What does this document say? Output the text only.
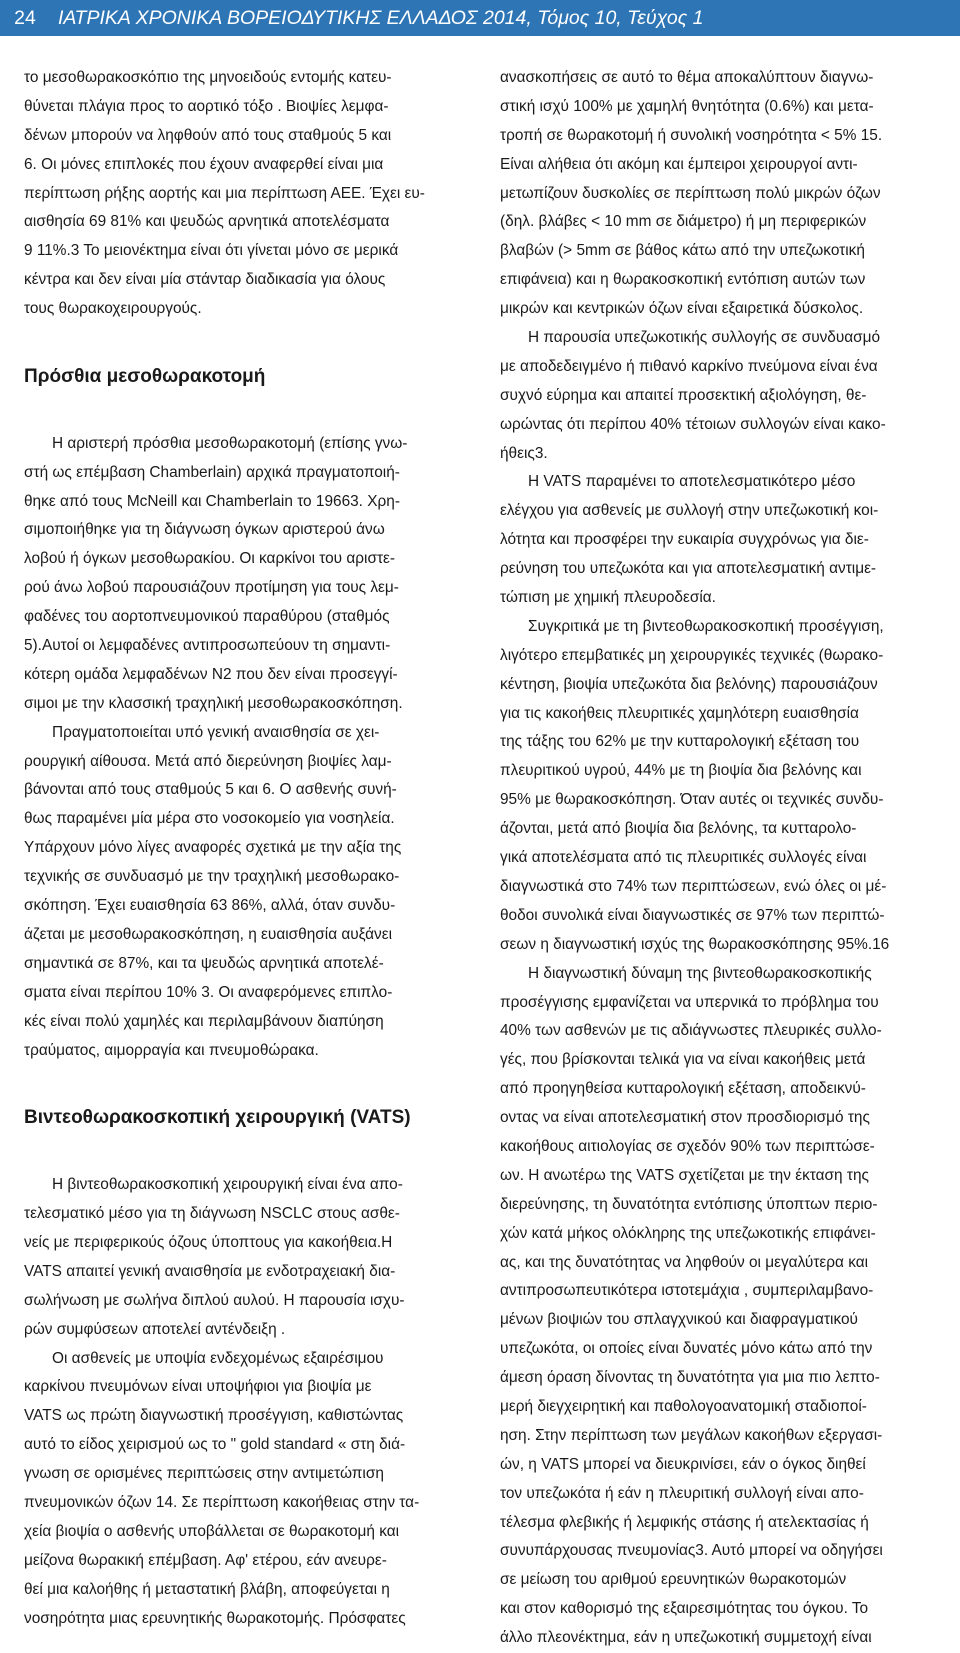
24	ΙΑΤΡΙΚΑ ΧΡΟΝΙΚΑ ΒΟΡΕΙΟΔΥΤΙΚΗΣ ΕΛΛΑΔΟΣ 2014, Τόμος 10, Τεύχος 1
το μεσοθωρακοσκόπιο της μηνοειδούς εντομής κατευ-
θύνεται πλάγια προς το αορτικό τόξο . Βιοψίες λεμφα-
δένων μπορούν να ληφθούν από τους σταθμούς 5 και
6. Οι μόνες επιπλοκές που έχουν αναφερθεί είναι μια
περίπτωση ρήξης αορτής και μια περίπτωση ΑΕΕ. Έχει ευ-
αισθησία 69 81% και ψευδώς αρνητικά αποτελέσματα
9 11%.3 Το μειονέκτημα είναι ότι γίνεται μόνο σε μερικά
κέντρα και δεν είναι μία στάνταρ διαδικασία για όλους
τους θωρακοχειρουργούς.
Πρόσθια μεσοθωρακοτομή
Η αριστερή πρόσθια μεσοθωρακοτομή (επίσης γνω-
στή ως επέμβαση Chamberlain) αρχικά πραγματοποιή-
θηκε από τους McNeill και Chamberlain το 19663. Χρη-
σιμοποιήθηκε για τη διάγνωση όγκων αριστερού άνω
λοβού ή όγκων μεσοθωρακίου. Οι καρκίνοι του αριστε-
ρού άνω λοβού παρουσιάζουν προτίμηση για τους λεμ-
φαδένες του αορτοπνευμονικού παραθύρου (σταθμός
5).Αυτοί οι λεμφαδένες αντιπροσωπεύουν τη σημαντι-
κότερη ομάδα λεμφαδένων Ν2 που δεν είναι προσεγγί-
σιμοι με την κλασσική τραχηλική μεσοθωρακοσκόπηση.
Πραγματοποιείται υπό γενική αναισθησία σε χει-
ρουργική αίθουσα. Μετά από διερεύνηση βιοψίες λαμ-
βάνονται από τους σταθμούς 5 και 6. Ο ασθενής συνή-
θως παραμένει μία μέρα στο νοσοκομείο για νοσηλεία.
Υπάρχουν μόνο λίγες αναφορές σχετικά με την αξία της
τεχνικής σε συνδυασμό με την τραχηλική μεσοθωρακο-
σκόπηση. Έχει ευαισθησία 63 86%, αλλά, όταν συνδυ-
άζεται με μεσοθωρακοσκόπηση, η ευαισθησία αυξάνει
σημαντικά σε 87%, και τα ψευδώς αρνητικά αποτελέ-
σματα είναι περίπου 10% 3. Οι αναφερόμενες επιπλο-
κές είναι πολύ χαμηλές και περιλαμβάνουν διαπύηση
τραύματος, αιμορραγία και πνευμοθώρακα.
Βιντεοθωρακοσκοπική χειρουργική (VATS)
Η βιντεοθωρακοσκοπική χειρουργική είναι ένα απο-
τελεσματικό μέσο για τη διάγνωση NSCLC στους ασθε-
νείς με περιφερικούς όζους ύποπτους για κακοήθεια.Η
VATS απαιτεί γενική αναισθησία με ενδοτραχειακή δια-
σωλήνωση με σωλήνα διπλού αυλού. Η παρουσία ισχυ-
ρών συμφύσεων αποτελεί αντένδειξη .
Οι ασθενείς με υποψία ενδεχομένως εξαιρέσιμου
καρκίνου πνευμόνων είναι υποψήφιοι για βιοψία με
VATS ως πρώτη διαγνωστική προσέγγιση, καθιστώντας
αυτό το είδος χειρισμού ως το " gold standard « στη διά-
γνωση σε ορισμένες περιπτώσεις στην αντιμετώπιση
πνευμονικών όζων 14. Σε περίπτωση κακοήθειας στην τα-
χεία βιοψία ο ασθενής υποβάλλεται σε θωρακοτομή και
μείζονα θωρακική επέμβαση. Αφ' ετέρου, εάν ανευρε-
θεί μια καλοήθης ή μεταστατική βλάβη, αποφεύγεται η
νοσηρότητα μιας ερευνητικής θωρακοτομής. Πρόσφατες
ανασκοπήσεις σε αυτό το θέμα αποκαλύπτουν διαγνω-
στική ισχύ 100% με χαμηλή θνητότητα (0.6%) και μετα-
τροπή σε θωρακοτομή ή συνολική νοσηρότητα < 5% 15.
Είναι αλήθεια ότι ακόμη και έμπειροι χειρουργοί αντι-
μετωπίζουν δυσκολίες σε περίπτωση πολύ μικρών όζων
(δηλ. βλάβες < 10 mm σε διάμετρο) ή μη περιφερικών
βλαβών (> 5mm σε βάθος κάτω από την υπεζωκοτική
επιφάνεια) και η θωρακοσκοπική εντόπιση αυτών των
μικρών και κεντρικών όζων είναι εξαιρετικά δύσκολος.
Η παρουσία υπεζωκοτικής συλλογής σε συνδυασμό
με αποδεδειγμένο ή πιθανό καρκίνο πνεύμονα είναι ένα
συχνό εύρημα και απαιτεί προσεκτική αξιολόγηση, θε-
ωρώντας ότι περίπου 40% τέτοιων συλλογών είναι κακο-
ήθεις3.
Η VATS παραμένει το αποτελεσματικότερο μέσο
ελέγχου για ασθενείς με συλλογή στην υπεζωκοτική κοι-
λότητα και προσφέρει την ευκαιρία συγχρόνως για διε-
ρεύνηση του υπεζωκότα και για αποτελεσματική αντιμε-
τώπιση με χημική πλευροδεσία.
Συγκριτικά με τη βιντεοθωρακοσκοπική προσέγγιση,
λιγότερο επεμβατικές μη χειρουργικές τεχνικές (θωρακο-
κέντηση, βιοψία υπεζωκότα δια βελόνης) παρουσιάζουν
για τις κακοήθεις πλευριτικές χαμηλότερη ευαισθησία
της τάξης του 62% με την κυτταρολογική εξέταση του
πλευριτικού υγρού, 44% με τη βιοψία δια βελόνης και
95% με θωρακοσκόπηση. Όταν αυτές οι τεχνικές συνδυ-
άζονται, μετά από βιοψία δια βελόνης, τα κυτταρολο-
γικά αποτελέσματα από τις πλευριτικές συλλογές είναι
διαγνωστικά στο 74% των περιπτώσεων, ενώ όλες οι μέ-
θοδοι συνολικά είναι διαγνωστικές σε 97% των περιπτώ-
σεων η διαγνωστική ισχύς της θωρακοσκόπησης 95%.16
Η διαγνωστική δύναμη της βιντεοθωρακοσκοπικής
προσέγγισης εμφανίζεται να υπερνικά το πρόβλημα του
40% των ασθενών με τις αδιάγνωστες πλευρικές συλλο-
γές, που βρίσκονται τελικά για να είναι κακοήθεις μετά
από προηγηθείσα κυτταρολογική εξέταση, αποδεικνύ-
οντας να είναι αποτελεσματική στον προσδιορισμό της
κακοήθους αιτιολογίας σε σχεδόν 90% των περιπτώσε-
ων. Η ανωτέρω της VATS σχετίζεται με την έκταση της
διερεύνησης, τη δυνατότητα εντόπισης ύποπτων περιο-
χών κατά μήκος ολόκληρης της υπεζωκοτικής επιφάνει-
ας, και της δυνατότητας να ληφθούν οι μεγαλύτερα και
αντιπροσωπευτικότερα ιστοτεμάχια , συμπεριλαμβανο-
μένων βιοψιών του σπλαγχνικού και διαφραγματικού
υπεζωκότα, οι οποίες είναι δυνατές μόνο κάτω από την
άμεση όραση δίνοντας τη δυνατότητα για μια πιο λεπτο-
μερή διεγχειρητική και παθολογοανατομική σταδιοποί-
ηση. Στην περίπτωση των μεγάλων κακοήθων εξεργασι-
ών, η VATS μπορεί να διευκρινίσει, εάν ο όγκος διηθεί
τον υπεζωκότα ή εάν η πλευριτική συλλογή είναι απο-
τέλεσμα φλεβικής ή λεμφικής στάσης ή ατελεκτασίας ή
συνυπάρχουσας πνευμονίας3. Αυτό μπορεί να οδηγήσει
σε μείωση του αριθμού ερευνητικών θωρακοτομών
και στον καθορισμό της εξαιρεσιμότητας του όγκου. Το
άλλο πλεονέκτημα, εάν η υπεζωκοτική συμμετοχή είναι
